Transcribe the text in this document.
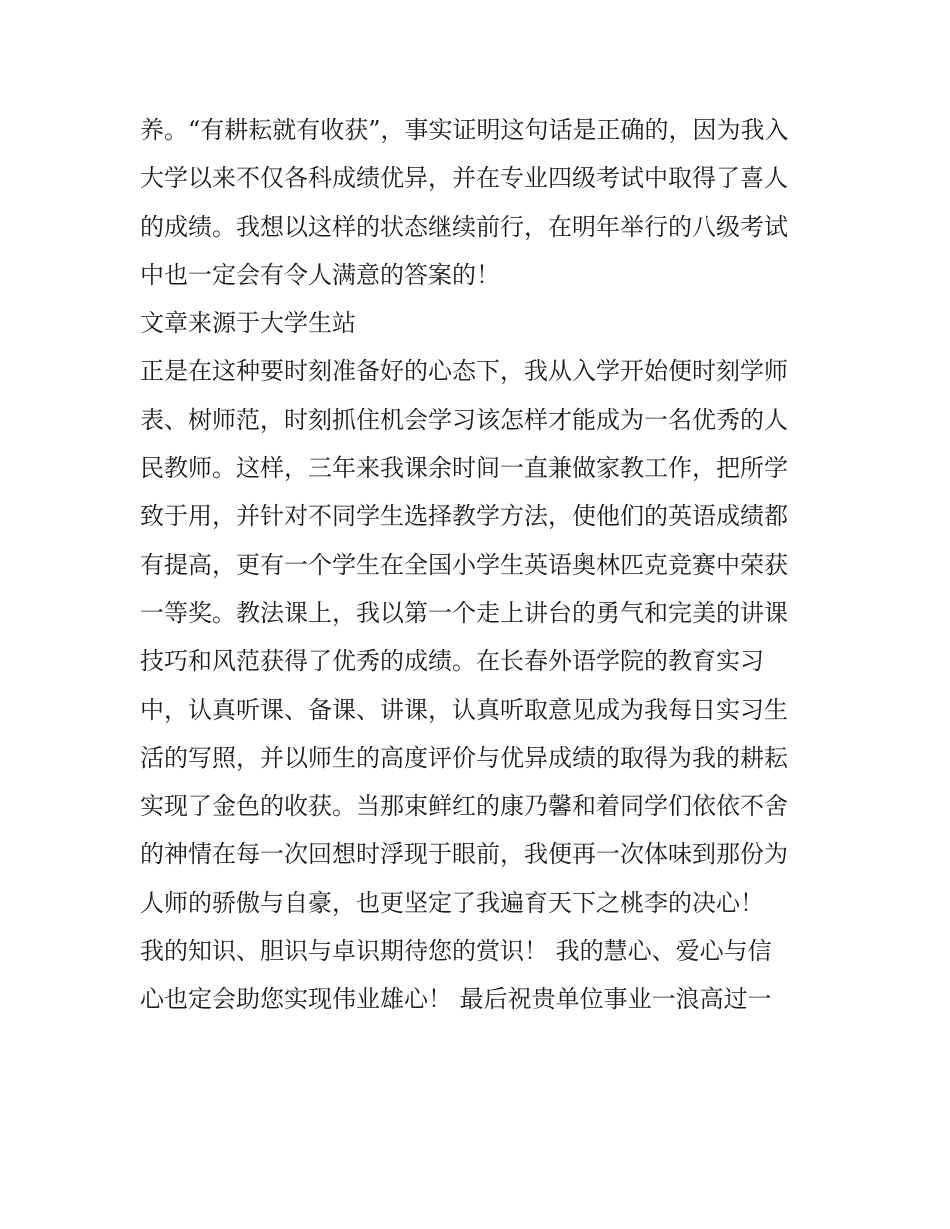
养。“有耕耘就有收获”，事实证明这句话是正确的，因为我入
大学以来不仅各科成绩优异，并在专业四级考试中取得了喜人
的成绩。我想以这样的状态继续前行，在明年举行的八级考试
中也一定会有令人满意的答案的！
文章来源于大学生站
正是在这种要时刻准备好的心态下，我从入学开始便时刻学师
表、树师范，时刻抓住机会学习该怎样才能成为一名优秀的人
民教师。这样，三年来我课余时间一直兼做家教工作，把所学
致于用，并针对不同学生选择教学方法，使他们的英语成绩都
有提高，更有一个学生在全国小学生英语奥林匹克竞赛中荣获
一等奖。教法课上，我以第一个走上讲台的勇气和完美的讲课
技巧和风范获得了优秀的成绩。在长春外语学院的教育实习
中，认真听课、备课、讲课，认真听取意见成为我每日实习生
活的写照，并以师生的高度评价与优异成绩的取得为我的耕耘
实现了金色的收获。当那束鲜红的康乃馨和着同学们依依不舍
的神情在每一次回想时浮现于眼前，我便再一次体味到那份为
人师的骄傲与自豪，也更坚定了我遍育天下之桃李的决心！
我的知识、胆识与卓识期待您的赏识！ 我的慧心、爱心与信
心也定会助您实现伟业雄心！ 最后祝贵单位事业一浪高过一
